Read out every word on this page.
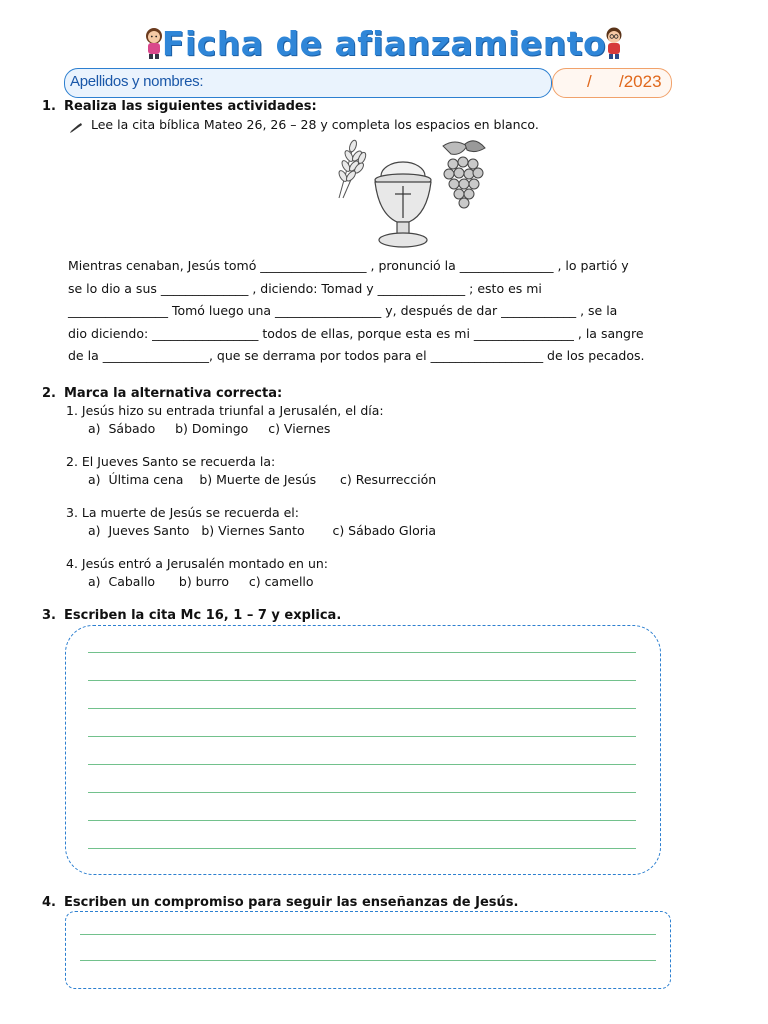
Ficha de afianzamiento
Apellidos y nombres:	/ /2023
1. Realiza las siguientes actividades:
Lee la cita bíblica Mateo 26, 26 – 28 y completa los espacios en blanco.

Mientras cenaban, Jesús tomó _________________ , pronunció la _______________ , lo partió y

se lo dio a sus ______________ , diciendo: Tomad y ______________ ; esto es mi

________________ Tomó luego una _________________ y, después de dar ____________ , se la

dio diciendo: _________________ todos de ellas, porque esta es mi ________________ , la sangre

de la _________________, que se derrama por todos para el __________________ de los pecados.

2. Marca la alternativa correcta:
1. Jesús hizo su entrada triunfal a Jerusalén, el día:
a)  Sábado     b) Domingo     c) Viernes
2. El Jueves Santo se recuerda la:
a)  Última cena    b) Muerte de Jesús      c) Resurrección
3. La muerte de Jesús se recuerda el:
a)  Jueves Santo   b) Viernes Santo       c) Sábado Gloria
4. Jesús entró a Jerusalén montado en un:
a)  Caballo      b) burro     c) camello
3. Escriben la cita Mc 16, 1 – 7 y explica.
4. Escriben un compromiso para seguir las enseñanzas de Jesús.
